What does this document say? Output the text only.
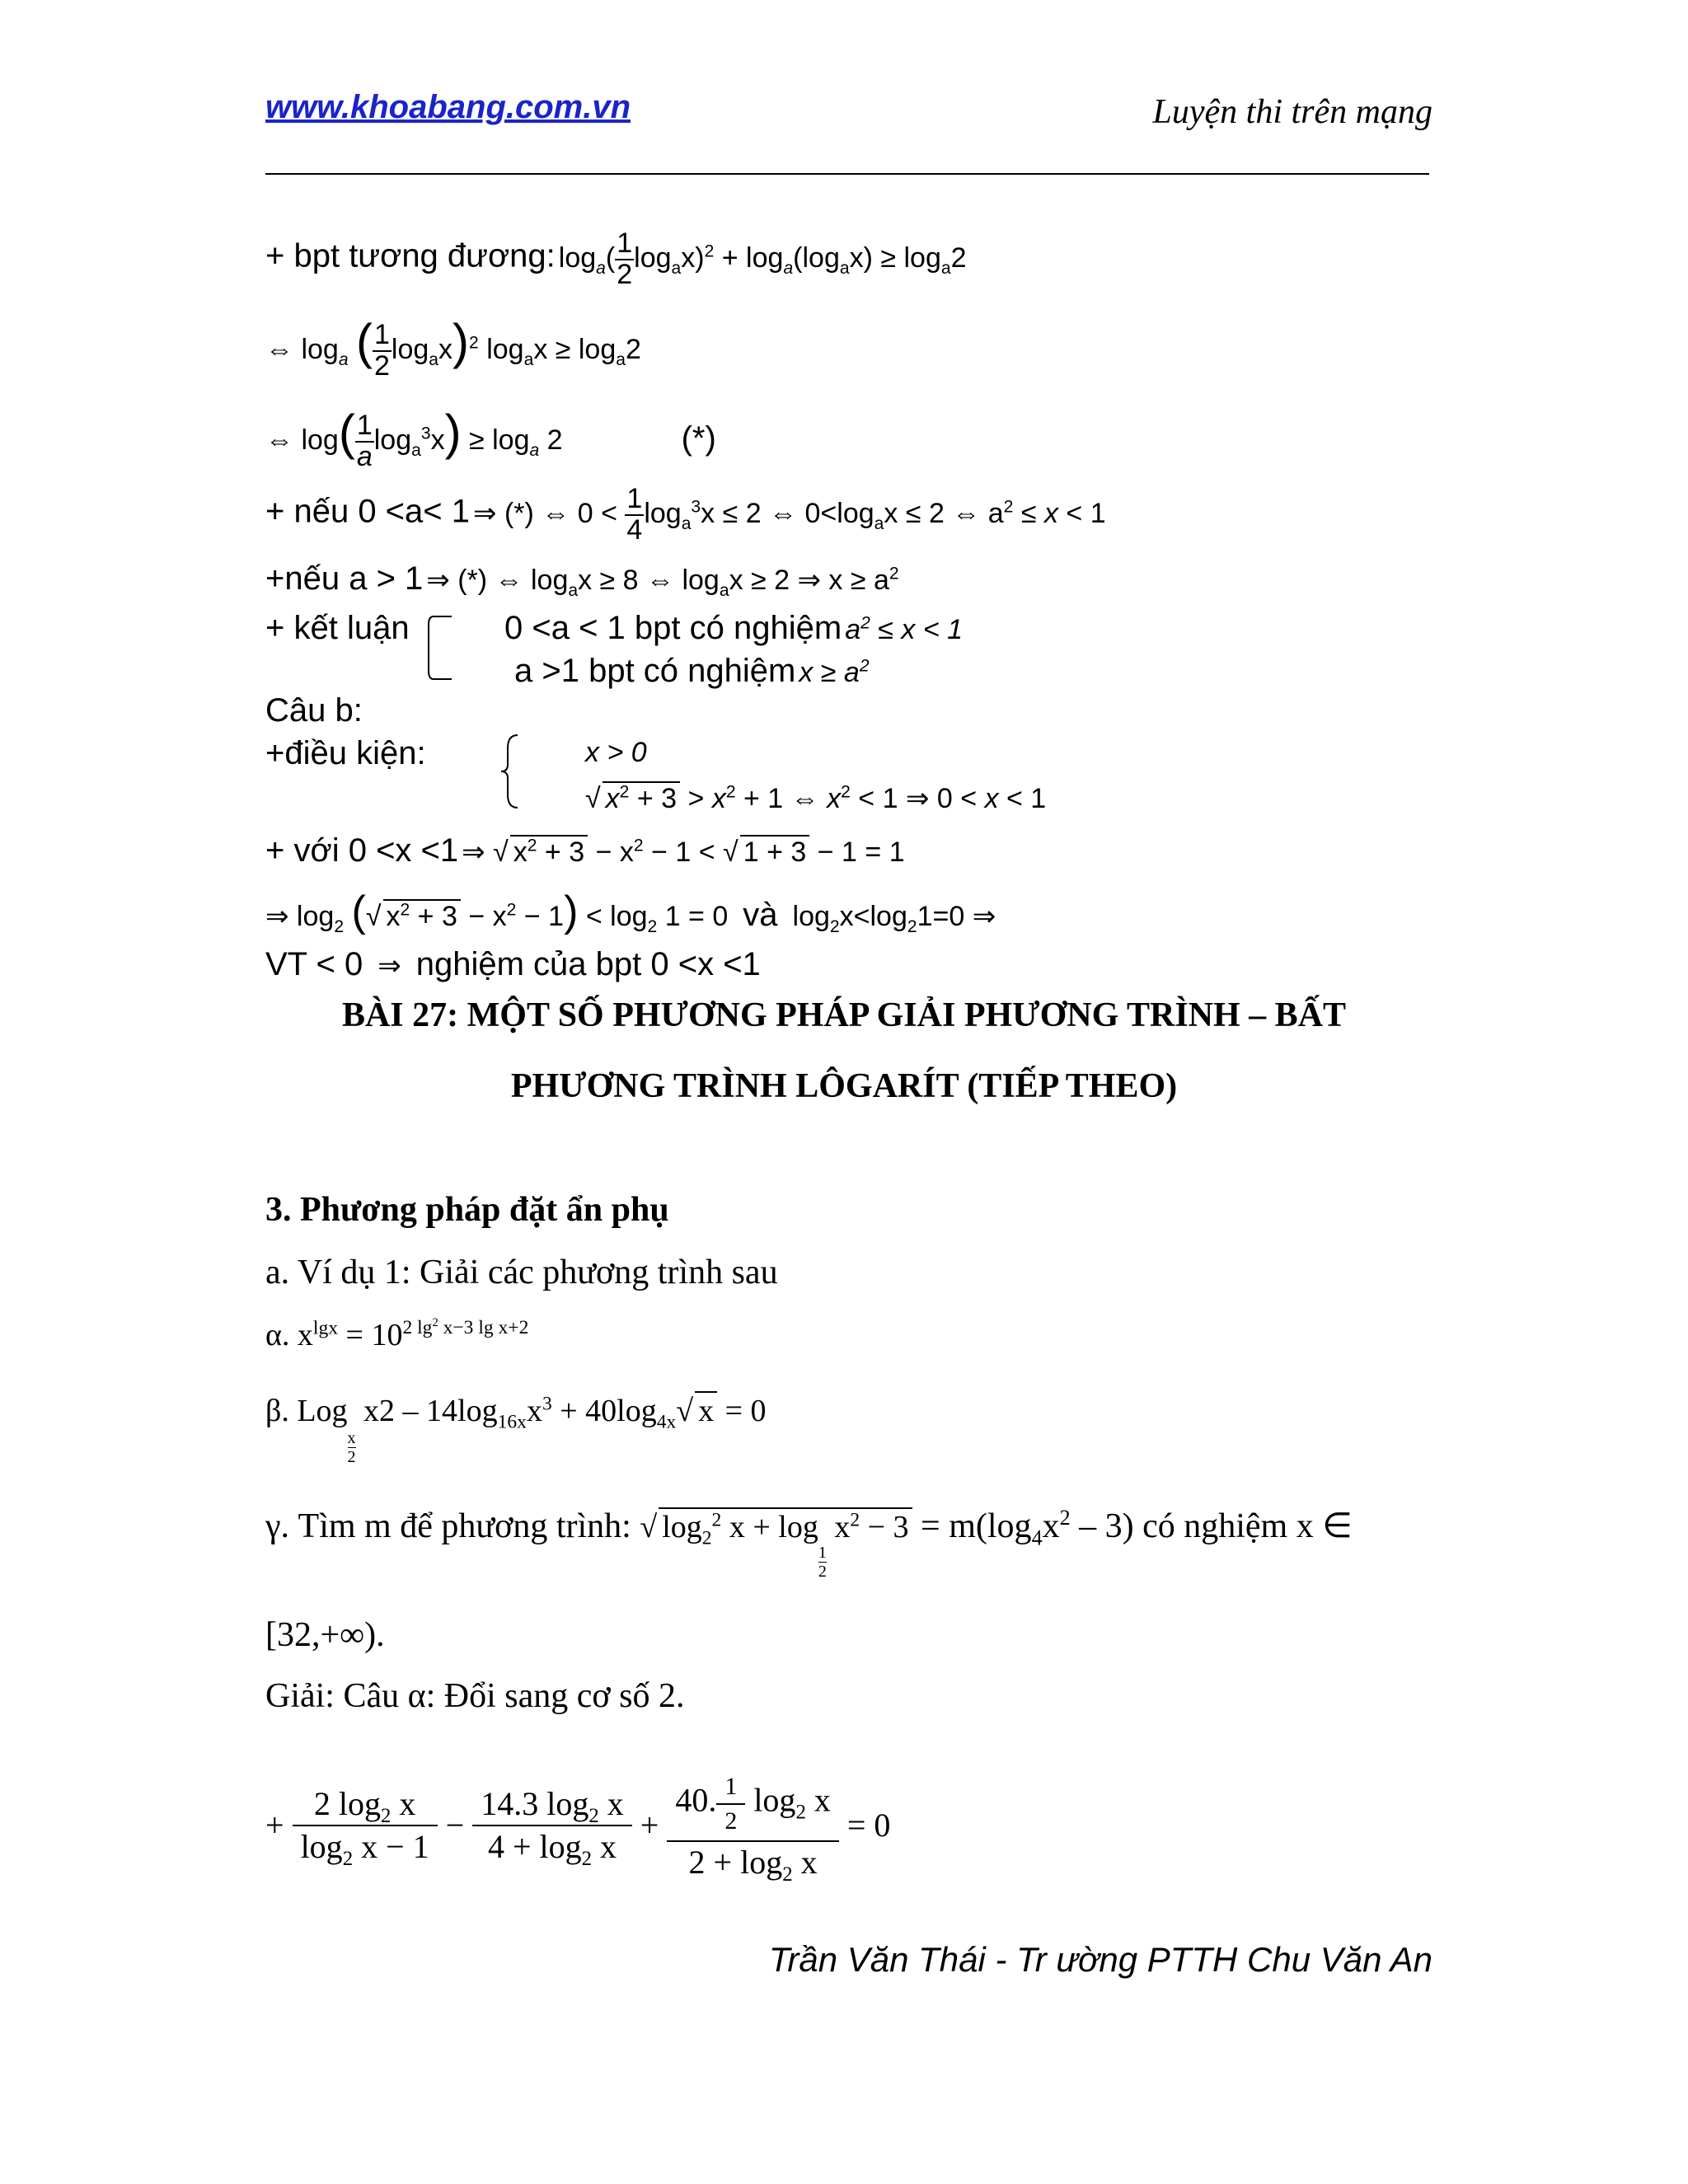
www.khoabang.com.vn	Luyện thi trên mạng
+ bpt tương đương: $\log_a( \frac{1}{2} \log_ax)^2 + \log_a(\log_ax) \ge \log_a2$
⇔ $\log_a$ ( $\frac{1}{2} \log_ax)^2$ $\log_ax \ge \log_a2$
⇔ $\log( \frac{1}{a} \log_a^3x) \ge \log_a 2$	(*)
+ nếu 0 <a< 1 ⇒ (*) ⇔ $0 < \frac{1}{4} \log_a^3x \le 2$ ⇔ $0<\log_ax \le 2$ ⇔ $a^2 \le x < 1$
+nếu a > 1 ⇒ (*) ⇔ $\log_ax \ge 8$ ⇔ $\log_ax \ge 2$ ⇒ $x \ge a^2$
+ kết luận	0 <a < 1 bpt có nghiệm $a^2 \le x < 1$
a >1 bpt có nghiệm $x \ge a^2$
Câu b:
+điều kiện:	x > 0
√ $x^2 + 3 > x^2 + 1$ ⇔ $x^2 < 1$ ⇒ 0 < x < 1
+ với 0 <x <1 ⇒ √ $x^2 + 3 - x^2 - 1$ < √ 1 + 3 − 1 = 1
⇒ $\log_2$ (√ $x^2 + 3 - x^2 - 1) < \log_2 1 = 0$ và $\log_2x<\log_21=0$ ⇒
VT < 0 ⇒ nghiệm của bpt 0 <x <1
BÀI 27: MỘT SỐ PHƯƠNG PHÁP GIẢI PHƯƠNG TRÌNH – BẤT
PHƯƠNG TRÌNH LÔGARÍT (TIẾP THEO)
3. Phương pháp đặt ẩn phụ
a. Ví dụ 1: Giải các phương trình sau
α. $x^{lgx} = 10^{2 lg^2 x-3 lg x+2}$
β. Log
$\frac{x}{2}$
$x2 - 14\log_{16x}x^3 + 40\log_{4x}√$ x = 0
γ. Tìm m để phương trình: √ $\log_2^2 x + \log$
$\frac{1}{2}$
$x^2 - 3 = m(\log_4x^2 - 3)$ có nghiệm x ∈
[32,+∞).
Giải: Câu α: Đổi sang cơ số 2.
+ $\frac{2 \log_2 x}{\log_2 x - 1} - \frac{14.3 \log_2 x}{4 + \log_2 x} + \frac{40. \frac{1}{2} \log_2 x}{2 + \log_2 x} = 0$
Trần Văn Thái - Tr ường PTTH Chu Văn An
